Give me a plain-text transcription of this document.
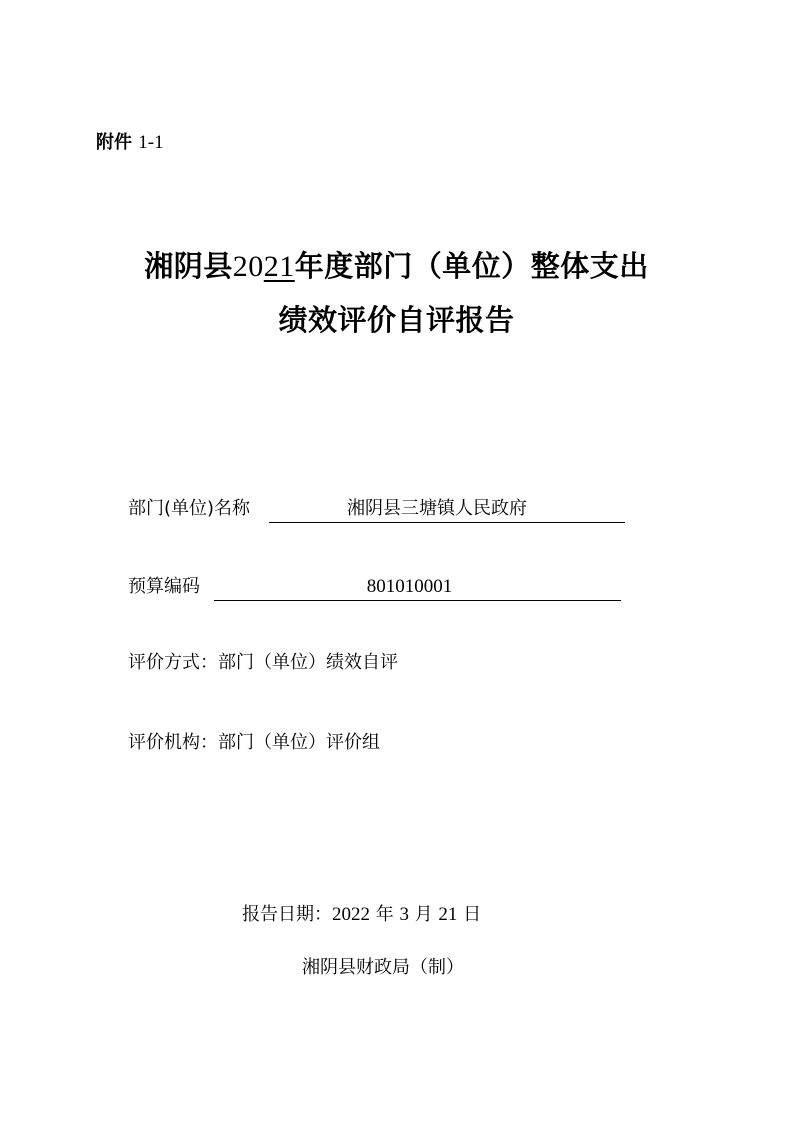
附件 1-1
湘阴县2021年度部门（单位）整体支出
绩效评价自评报告
部门(单位)名称	湘阴县三塘镇人民政府
预算编码	801010001
评价方式：部门（单位）绩效自评
评价机构：部门（单位）评价组
报告日期：2022 年 3 月 21 日
湘阴县财政局（制）
